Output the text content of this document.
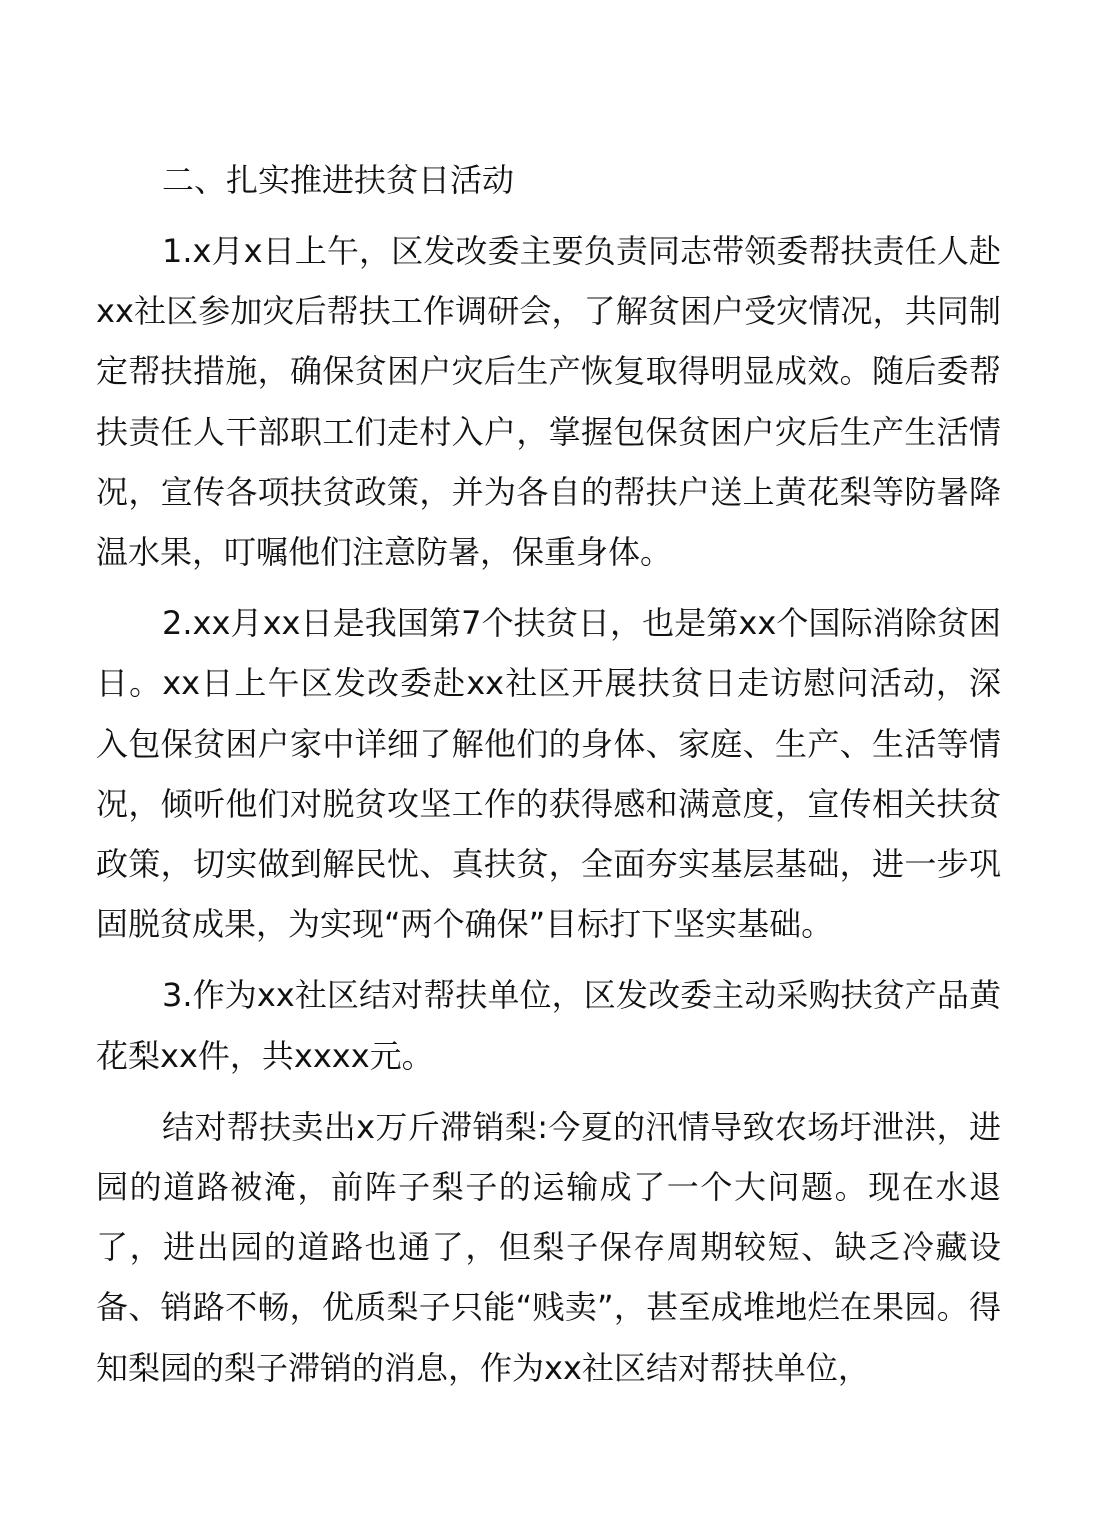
二、扎实推进扶贫日活动

1.x月x日上午，区发改委主要负责同志带领委帮扶责任人赴xx社区参加灾后帮扶工作调研会，了解贫困户受灾情况，共同制定帮扶措施，确保贫困户灾后生产恢复取得明显成效。随后委帮扶责任人干部职工们走村入户，掌握包保贫困户灾后生产生活情况，宣传各项扶贫政策，并为各自的帮扶户送上黄花梨等防暑降温水果，叮嘱他们注意防暑，保重身体。

2.xx月xx日是我国第7个扶贫日，也是第xx个国际消除贫困日。xx日上午区发改委赴xx社区开展扶贫日走访慰问活动，深入包保贫困户家中详细了解他们的身体、家庭、生产、生活等情况，倾听他们对脱贫攻坚工作的获得感和满意度，宣传相关扶贫政策，切实做到解民忧、真扶贫，全面夯实基层基础，进一步巩固脱贫成果，为实现“两个确保”目标打下坚实基础。

3.作为xx社区结对帮扶单位，区发改委主动采购扶贫产品黄花梨xx件，共xxxx元。

结对帮扶卖出x万斤滞销梨:今夏的汛情导致农场圩泄洪，进园的道路被淹，前阵子梨子的运输成了一个大问题。现在水退了，进出园的道路也通了，但梨子保存周期较短、缺乏冷藏设备、销路不畅，优质梨子只能“贱卖”，甚至成堆地烂在果园。得知梨园的梨子滞销的消息，作为xx社区结对帮扶单位，
